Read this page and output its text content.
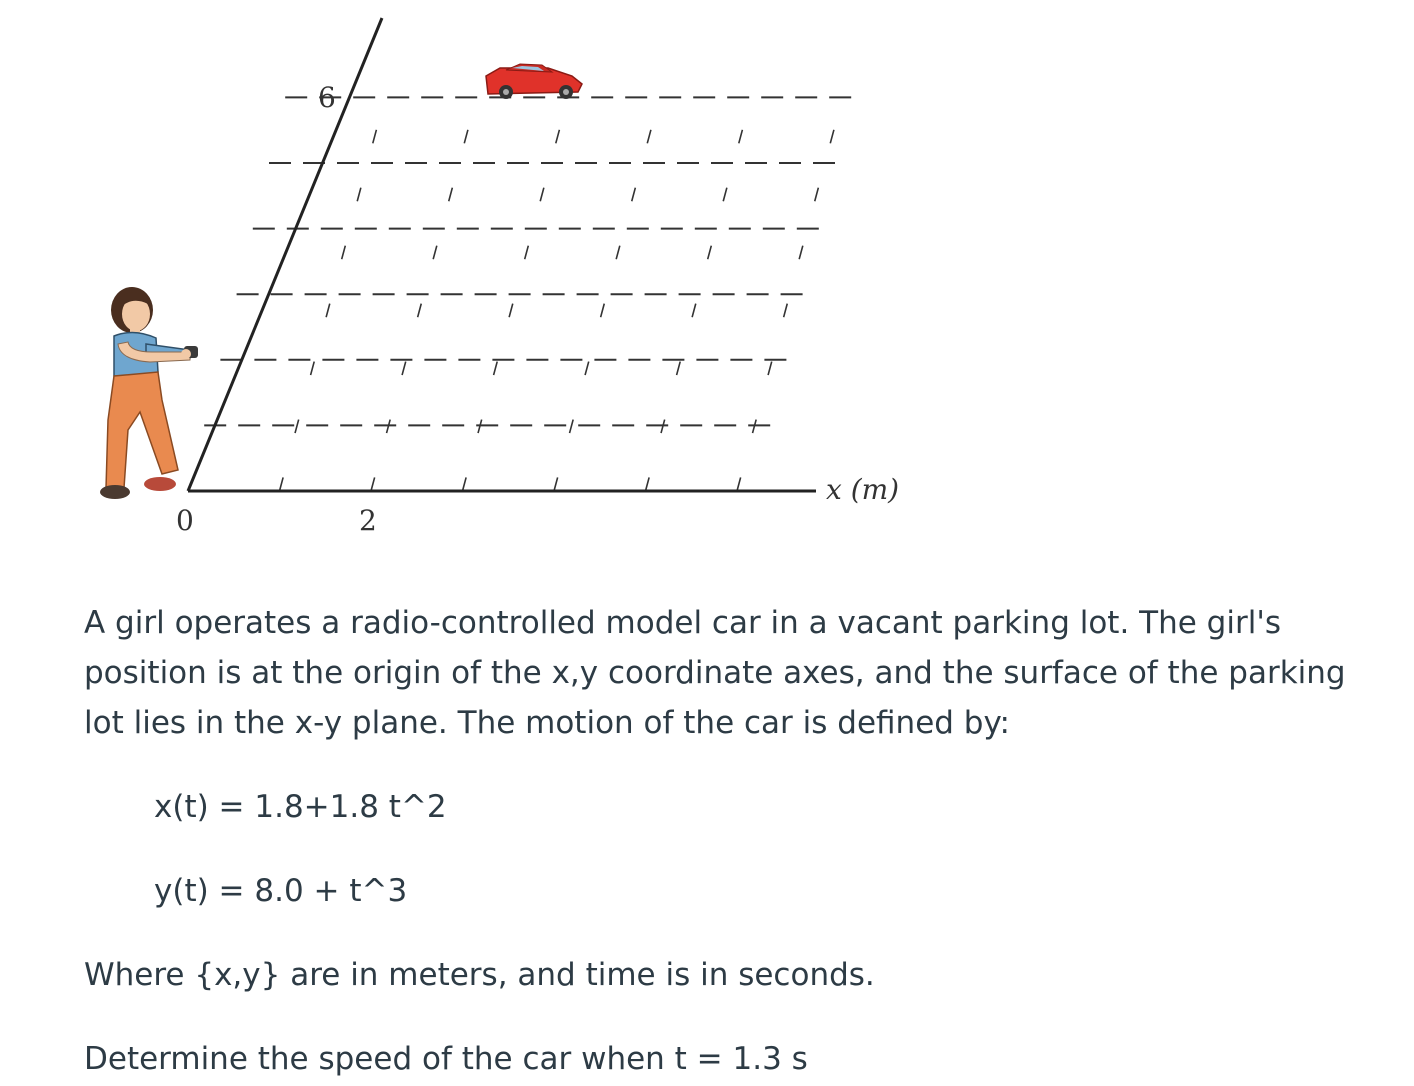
6
0	2
x (m)

A girl operates a radio-controlled model car in a vacant parking lot. The girl's position is at the origin of the x,y coordinate axes, and the surface of the parking lot lies in the x-y plane. The motion of the car is defined by:

x(t) = 1.8+1.8 t^2

y(t) = 8.0 + t^3

Where {x,y} are in meters, and time is in seconds.

Determine the speed of the car when t = 1.3 s
